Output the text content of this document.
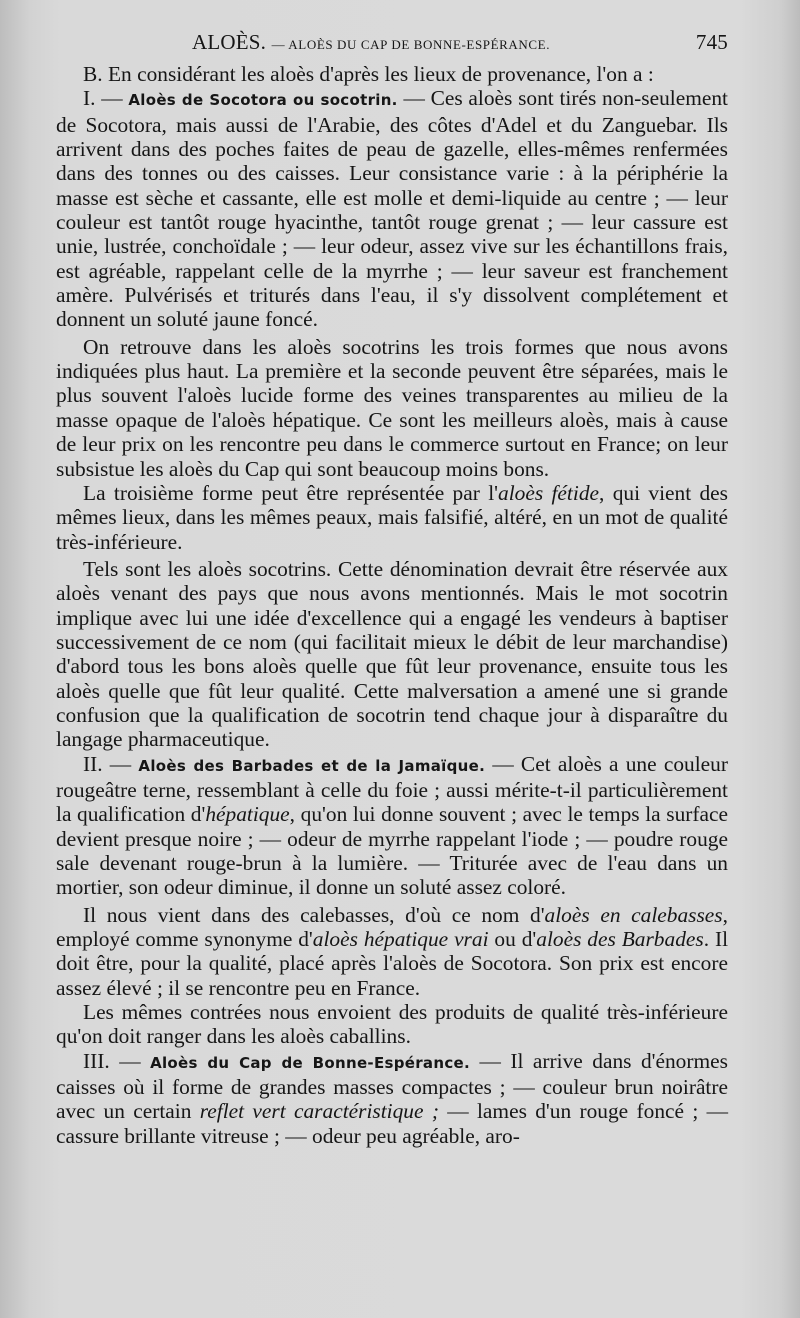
ALOÈS. — ALOÈS DU CAP DE BONNE-ESPÉRANCE.	745

B. En considérant les aloès d'après les lieux de provenance, l'on a :

I. — Aloès de Socotora ou socotrin. — Ces aloès sont tirés non-seulement de Socotora, mais aussi de l'Arabie, des côtes d'Adel et du Zanguebar. Ils arrivent dans des poches faites de peau de gazelle, elles-mêmes renfermées dans des tonnes ou des caisses. Leur consistance varie : à la périphérie la masse est sèche et cassante, elle est molle et demi-liquide au centre ; — leur couleur est tantôt rouge hyacinthe, tantôt rouge grenat ; — leur cassure est unie, lustrée, conchoïdale ; — leur odeur, assez vive sur les échantillons frais, est agréable, rappelant celle de la myrrhe ; — leur saveur est franchement amère. Pulvérisés et triturés dans l'eau, il s'y dissolvent complétement et donnent un soluté jaune foncé.

On retrouve dans les aloès socotrins les trois formes que nous avons indiquées plus haut. La première et la seconde peuvent être séparées, mais le plus souvent l'aloès lucide forme des veines transparentes au milieu de la masse opaque de l'aloès hépatique. Ce sont les meilleurs aloès, mais à cause de leur prix on les rencontre peu dans le commerce surtout en France; on leur subsistue les aloès du Cap qui sont beaucoup moins bons.

La troisième forme peut être représentée par l'aloès fétide, qui vient des mêmes lieux, dans les mêmes peaux, mais falsifié, altéré, en un mot de qualité très-inférieure.

Tels sont les aloès socotrins. Cette dénomination devrait être réservée aux aloès venant des pays que nous avons mentionnés. Mais le mot socotrin implique avec lui une idée d'excellence qui a engagé les vendeurs à baptiser successivement de ce nom (qui facilitait mieux le débit de leur marchandise) d'abord tous les bons aloès quelle que fût leur provenance, ensuite tous les aloès quelle que fût leur qualité. Cette malversation a amené une si grande confusion que la qualification de socotrin tend chaque jour à disparaître du langage pharmaceutique.

II. — Aloès des Barbades et de la Jamaïque. — Cet aloès a une couleur rougeâtre terne, ressemblant à celle du foie ; aussi mérite-t-il particulièrement la qualification d'hépatique, qu'on lui donne souvent ; avec le temps la surface devient presque noire ; — odeur de myrrhe rappelant l'iode ; — poudre rouge sale devenant rouge-brun à la lumière. — Triturée avec de l'eau dans un mortier, son odeur diminue, il donne un soluté assez coloré.

Il nous vient dans des calebasses, d'où ce nom d'aloès en calebasses, employé comme synonyme d'aloès hépatique vrai ou d'aloès des Barbades. Il doit être, pour la qualité, placé après l'aloès de Socotora. Son prix est encore assez élevé ; il se rencontre peu en France.

Les mêmes contrées nous envoient des produits de qualité très-inférieure qu'on doit ranger dans les aloès caballins.

III. — Aloès du Cap de Bonne-Espérance. — Il arrive dans d'énormes caisses où il forme de grandes masses compactes ; — couleur brun noirâtre avec un certain reflet vert caractéristique ; — lames d'un rouge foncé ; — cassure brillante vitreuse ; — odeur peu agréable, aro-
